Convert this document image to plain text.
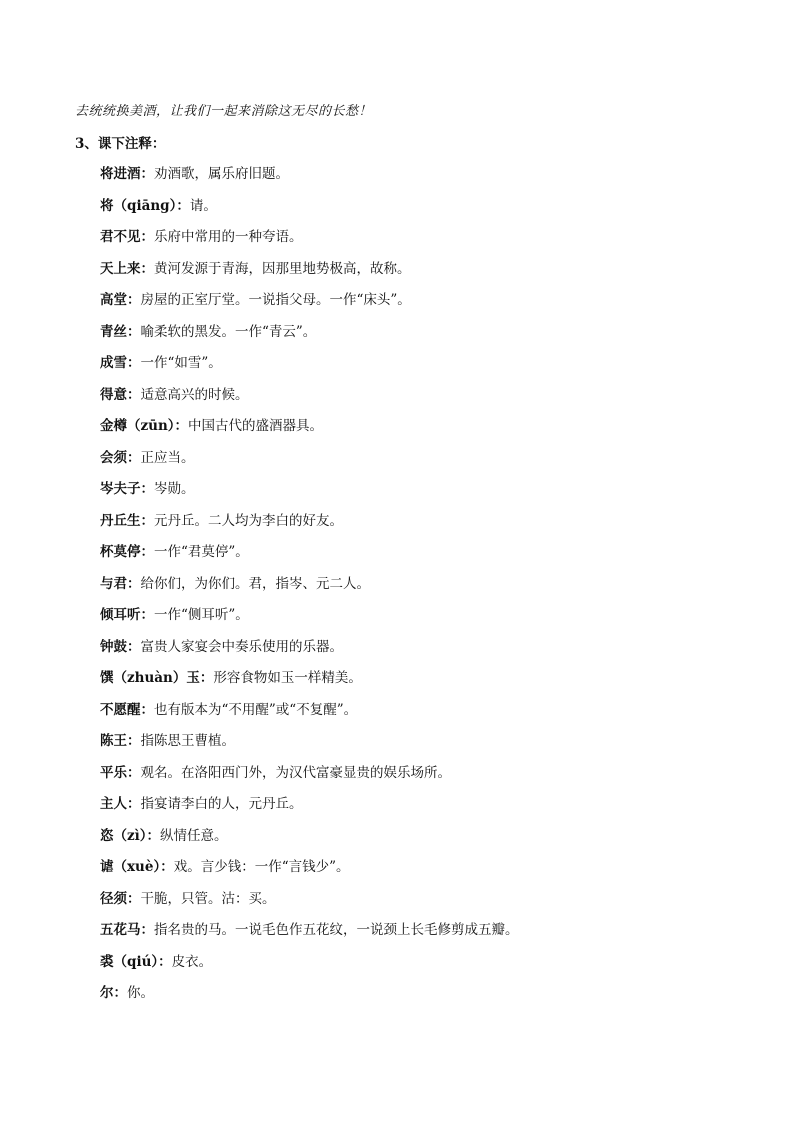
去统统换美酒，让我们一起来消除这无尽的长愁！
3、课下注释：
将进酒：劝酒歌，属乐府旧题。
将（qiānɡ）：请。
君不见：乐府中常用的一种夸语。
天上来：黄河发源于青海，因那里地势极高，故称。
高堂：房屋的正室厅堂。一说指父母。一作“床头”。
青丝：喻柔软的黑发。一作“青云”。
成雪：一作“如雪”。
得意：适意高兴的时候。
金樽（zūn）：中国古代的盛酒器具。
会须：正应当。
岑夫子：岑勋。
丹丘生：元丹丘。二人均为李白的好友。
杯莫停：一作“君莫停”。
与君：给你们，为你们。君，指岑、元二人。
倾耳听：一作“侧耳听”。
钟鼓：富贵人家宴会中奏乐使用的乐器。
馔（zhuàn）玉：形容食物如玉一样精美。
不愿醒：也有版本为“不用醒”或“不复醒”。
陈王：指陈思王曹植。
平乐：观名。在洛阳西门外，为汉代富豪显贵的娱乐场所。
主人：指宴请李白的人，元丹丘。
恣（zì）：纵情任意。
谑（xuè）：戏。言少钱：一作“言钱少”。
径须：干脆，只管。沽：买。
五花马：指名贵的马。一说毛色作五花纹，一说颈上长毛修剪成五瓣。
裘（qiú）：皮衣。
尔：你。
